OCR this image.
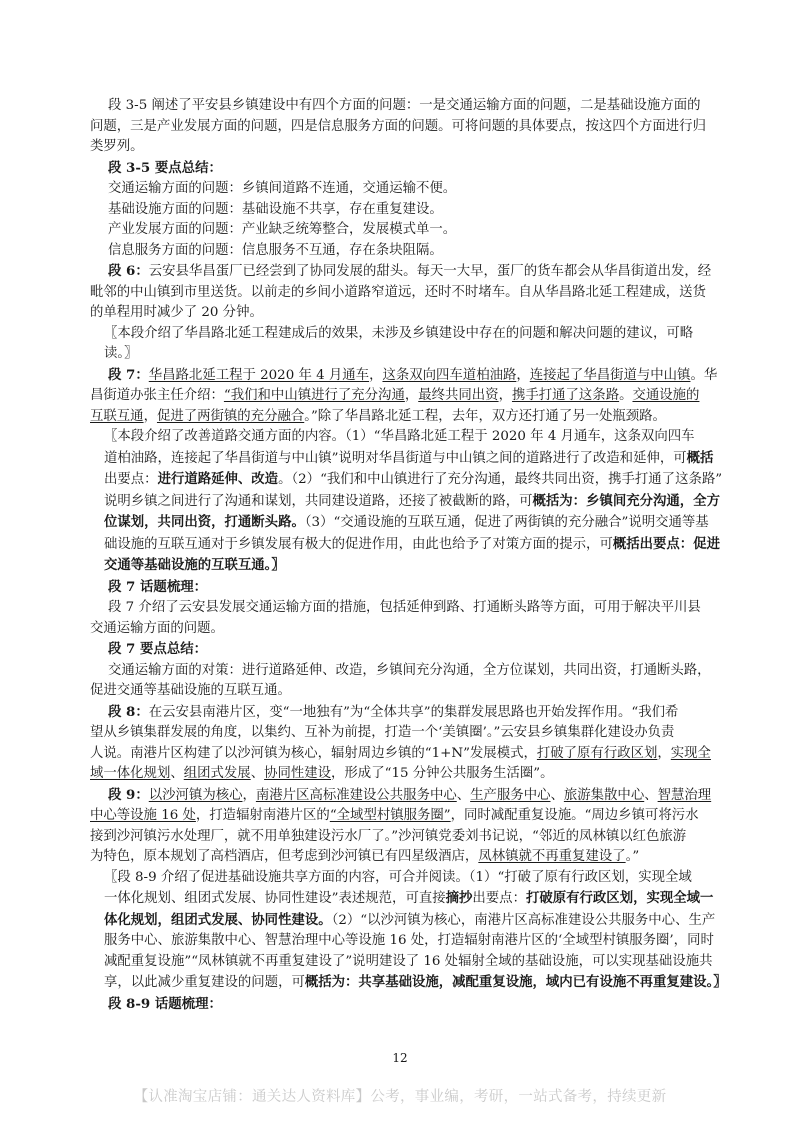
段 3-5 阐述了平安县乡镇建设中有四个方面的问题：一是交通运输方面的问题，二是基础设施方面的
问题，三是产业发展方面的问题，四是信息服务方面的问题。可将问题的具体要点，按这四个方面进行归
类罗列。
段 3-5 要点总结：
交通运输方面的问题：乡镇间道路不连通，交通运输不便。
基础设施方面的问题：基础设施不共享，存在重复建设。
产业发展方面的问题：产业缺乏统筹整合，发展模式单一。
信息服务方面的问题：信息服务不互通，存在条块阻隔。
段 6：云安县华昌蛋厂已经尝到了协同发展的甜头。每天一大早，蛋厂的货车都会从华昌街道出发，经
毗邻的中山镇到市里送货。以前走的乡间小道路窄道远，还时不时堵车。自从华昌路北延工程建成，送货
的单程用时减少了 20 分钟。
〖本段介绍了华昌路北延工程建成后的效果，未涉及乡镇建设中存在的问题和解决问题的建议，可略
读。〗
段 7：华昌路北延工程于 2020 年 4 月通车，这条双向四车道柏油路，连接起了华昌街道与中山镇。华
昌街道办张主任介绍：“我们和中山镇进行了充分沟通，最终共同出资，携手打通了这条路。交通设施的
互联互通，促进了两街镇的充分融合。”除了华昌路北延工程，去年，双方还打通了另一处瓶颈路。
〖本段介绍了改善道路交通方面的内容。（1）“华昌路北延工程于 2020 年 4 月通车，这条双向四车
道柏油路，连接起了华昌街道与中山镇”说明对华昌街道与中山镇之间的道路进行了改造和延伸，可概括
出要点：进行道路延伸、改造。（2）“我们和中山镇进行了充分沟通，最终共同出资，携手打通了这条路”
说明乡镇之间进行了沟通和谋划，共同建设道路，还接了被截断的路，可概括为：乡镇间充分沟通，全方
位谋划，共同出资，打通断头路。（3）“交通设施的互联互通，促进了两街镇的充分融合”说明交通等基
础设施的互联互通对于乡镇发展有极大的促进作用，由此也给予了对策方面的提示，可概括出要点：促进
交通等基础设施的互联互通。〗
段 7 话题梳理：
段 7 介绍了云安县发展交通运输方面的措施，包括延伸到路、打通断头路等方面，可用于解决平川县
交通运输方面的问题。
段 7 要点总结：
交通运输方面的对策：进行道路延伸、改造，乡镇间充分沟通，全方位谋划，共同出资，打通断头路，
促进交通等基础设施的互联互通。
段 8：在云安县南港片区，变“一地独有”为“全体共享”的集群发展思路也开始发挥作用。“我们希
望从乡镇集群发展的角度，以集约、互补为前提，打造一个‘美镇圈’。”云安县乡镇集群化建设办负责
人说。南港片区构建了以沙河镇为核心，辐射周边乡镇的“1+N”发展模式，打破了原有行政区划，实现全
域一体化规划、组团式发展、协同性建设，形成了“15 分钟公共服务生活圈”。
段 9：以沙河镇为核心，南港片区高标准建设公共服务中心、生产服务中心、旅游集散中心、智慧治理
中心等设施 16 处，打造辐射南港片区的“全域型村镇服务圈”，同时减配重复设施。“周边乡镇可将污水
接到沙河镇污水处理厂，就不用单独建设污水厂了。”沙河镇党委刘书记说，“邻近的凤林镇以红色旅游
为特色，原本规划了高档酒店，但考虑到沙河镇已有四星级酒店，凤林镇就不再重复建设了。”
〖段 8-9 介绍了促进基础设施共享方面的内容，可合并阅读。（1）“打破了原有行政区划，实现全域
一体化规划、组团式发展、协同性建设”表述规范，可直接摘抄出要点：打破原有行政区划，实现全域一
体化规划，组团式发展、协同性建设。（2）“以沙河镇为核心，南港片区高标准建设公共服务中心、生产
服务中心、旅游集散中心、智慧治理中心等设施 16 处，打造辐射南港片区的‘全域型村镇服务圈’，同时
减配重复设施”“凤林镇就不再重复建设了”说明建设了 16 处辐射全域的基础设施，可以实现基础设施共
享，以此减少重复建设的问题，可概括为：共享基础设施，减配重复设施，域内已有设施不再重复建设。〗
段 8-9 话题梳理：
12
【认准淘宝店铺：通关达人资料库】公考，事业编，考研，一站式备考，持续更新
